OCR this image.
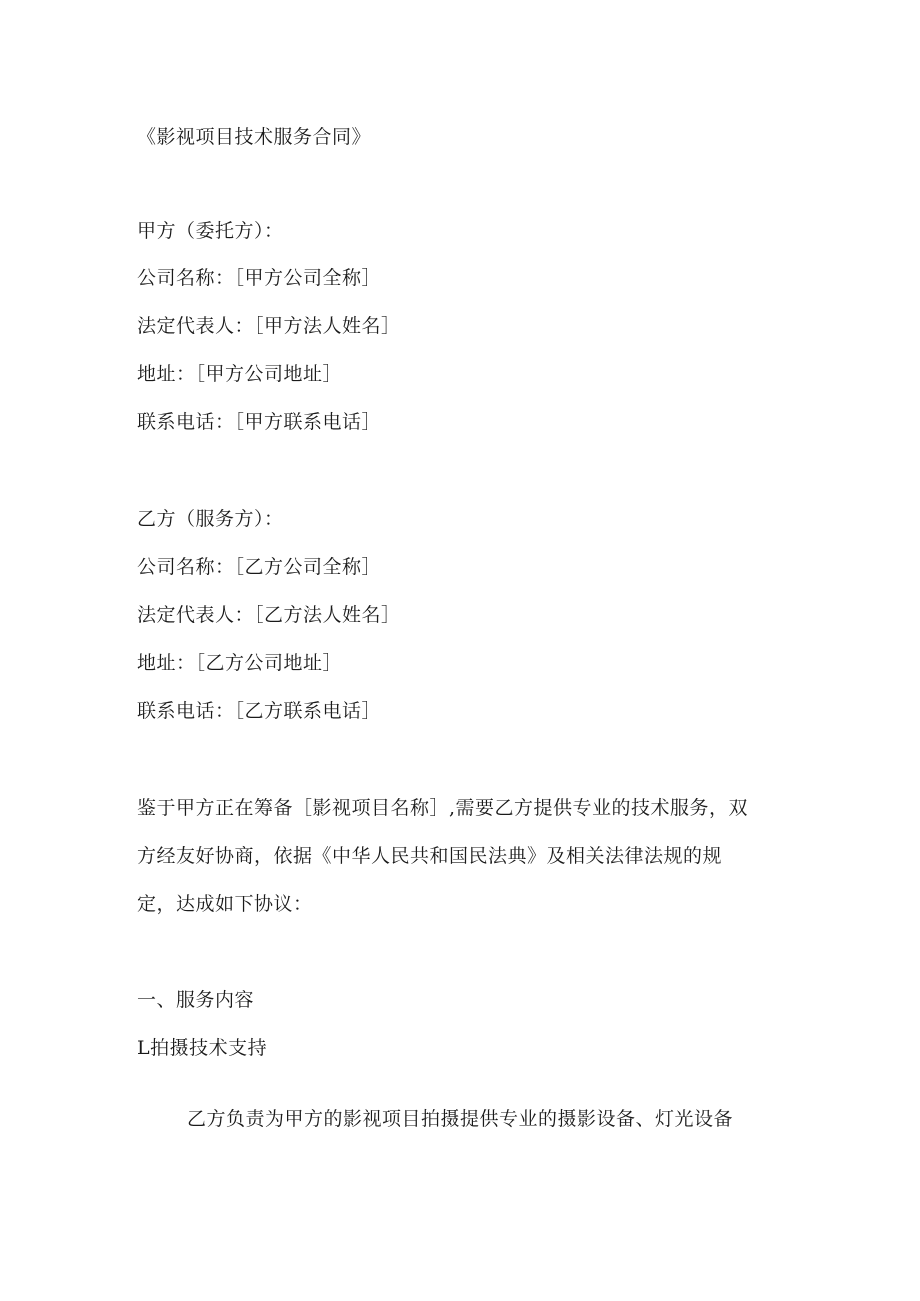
《影视项目技术服务合同》
甲方（委托方）：
公司名称：［甲方公司全称］
法定代表人：［甲方法人姓名］
地址：［甲方公司地址］
联系电话：［甲方联系电话］
乙方（服务方）：
公司名称：［乙方公司全称］
法定代表人：［乙方法人姓名］
地址：［乙方公司地址］
联系电话：［乙方联系电话］
鉴于甲方正在筹备［影视项目名称］,需要乙方提供专业的技术服务，双
方经友好协商，依据《中华人民共和国民法典》及相关法律法规的规
定，达成如下协议：
一、服务内容
L拍摄技术支持
乙方负责为甲方的影视项目拍摄提供专业的摄影设备、灯光设备
